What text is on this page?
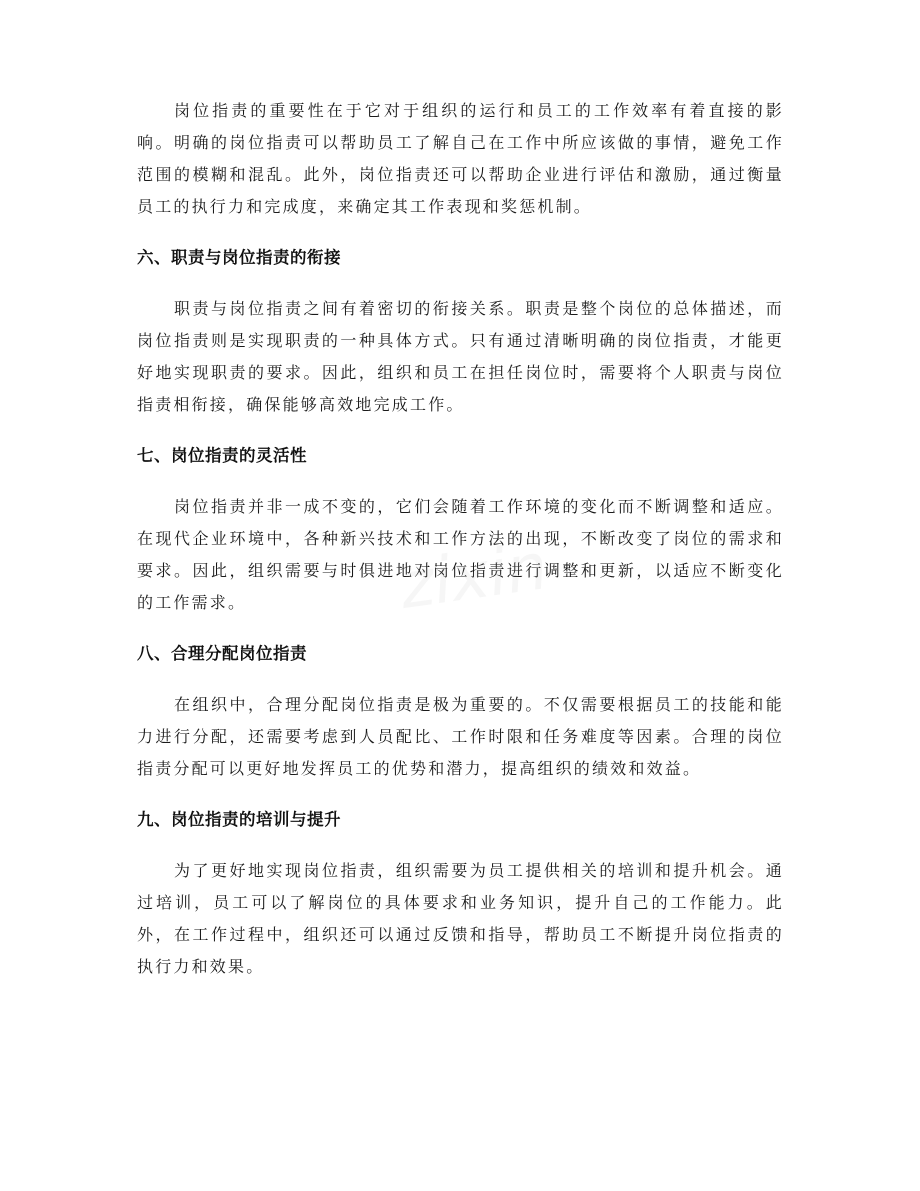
岗位指责的重要性在于它对于组织的运行和员工的工作效率有着直接的影响。明确的岗位指责可以帮助员工了解自己在工作中所应该做的事情，避免工作范围的模糊和混乱。此外，岗位指责还可以帮助企业进行评估和激励，通过衡量员工的执行力和完成度，来确定其工作表现和奖惩机制。

六、职责与岗位指责的衔接

职责与岗位指责之间有着密切的衔接关系。职责是整个岗位的总体描述，而岗位指责则是实现职责的一种具体方式。只有通过清晰明确的岗位指责，才能更好地实现职责的要求。因此，组织和员工在担任岗位时，需要将个人职责与岗位指责相衔接，确保能够高效地完成工作。

七、岗位指责的灵活性

岗位指责并非一成不变的，它们会随着工作环境的变化而不断调整和适应。在现代企业环境中，各种新兴技术和工作方法的出现，不断改变了岗位的需求和要求。因此，组织需要与时俱进地对岗位指责进行调整和更新，以适应不断变化的工作需求。

八、合理分配岗位指责

在组织中，合理分配岗位指责是极为重要的。不仅需要根据员工的技能和能力进行分配，还需要考虑到人员配比、工作时限和任务难度等因素。合理的岗位指责分配可以更好地发挥员工的优势和潜力，提高组织的绩效和效益。

九、岗位指责的培训与提升

为了更好地实现岗位指责，组织需要为员工提供相关的培训和提升机会。通过培训，员工可以了解岗位的具体要求和业务知识，提升自己的工作能力。此外，在工作过程中，组织还可以通过反馈和指导，帮助员工不断提升岗位指责的执行力和效果。

zixin
